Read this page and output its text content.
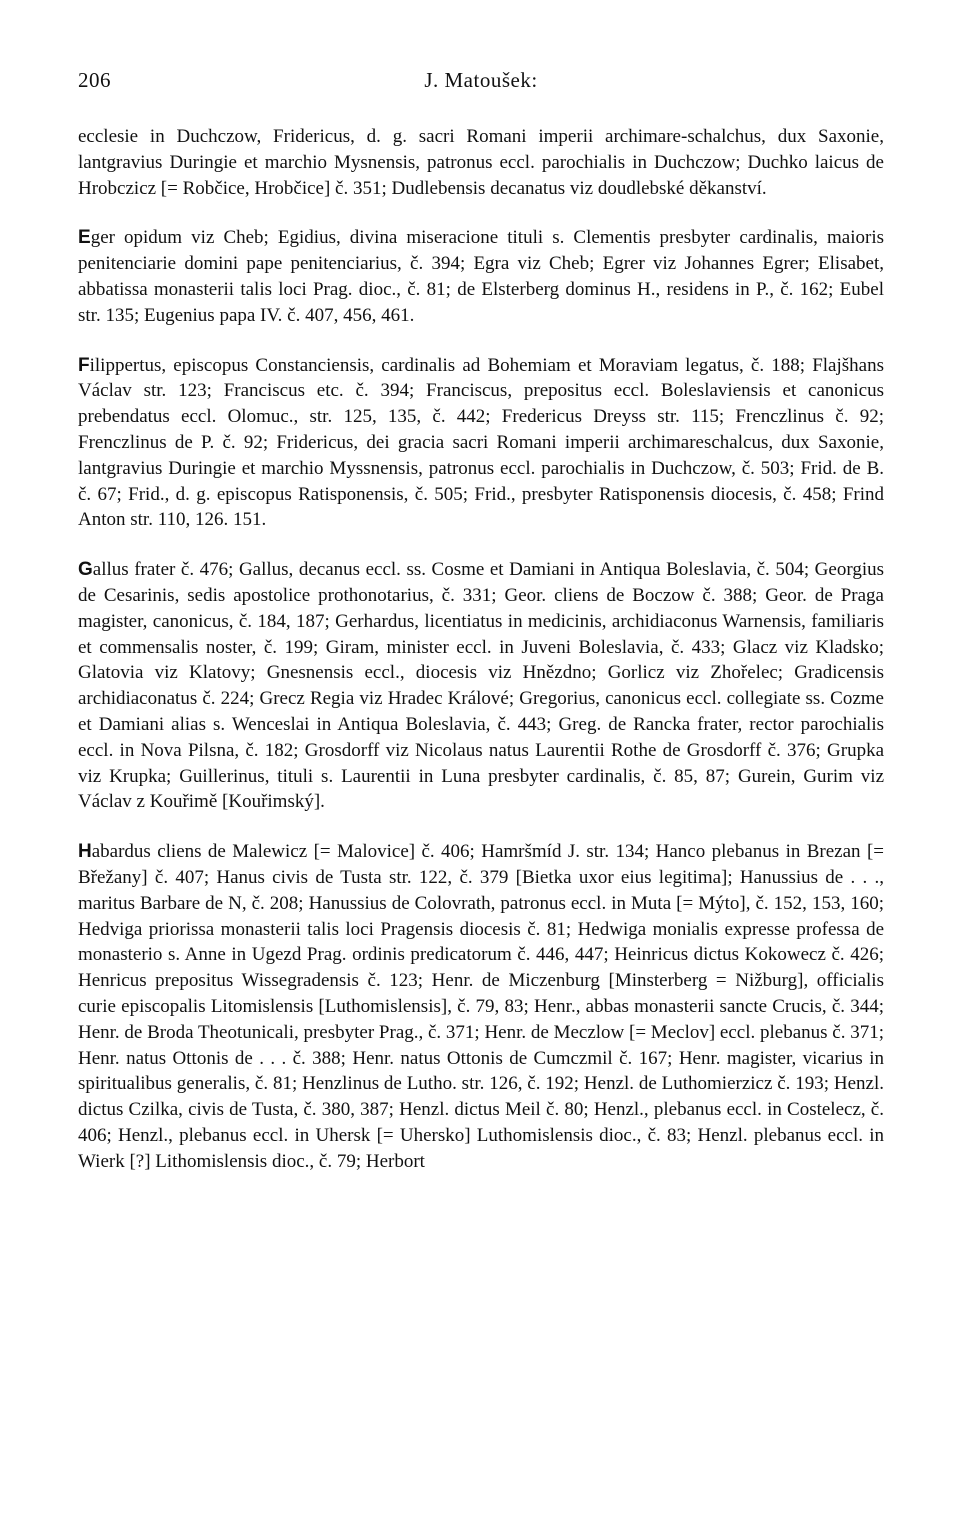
206	J. Matoušek:

ecclesie in Duchczow, Fridericus, d. g. sacri Romani imperii archimare-schalchus, dux Saxonie, lantgravius Duringie et marchio Mysnensis, patronus eccl. parochialis in Duchczow; Duchko laicus de Hrobczicz [= Robčice, Hrobčice] č. 351; Dudlebensis decanatus viz doudlebské děkanství.

Eger opidum viz Cheb; Egidius, divina miseracione tituli s. Clementis presbyter cardinalis, maioris penitenciarie domini pape penitenciarius, č. 394; Egra viz Cheb; Egrer viz Johannes Egrer; Elisabet, abbatissa monasterii talis loci Prag. dioc., č. 81; de Elsterberg dominus H., residens in P., č. 162; Eubel str. 135; Eugenius papa IV. č. 407, 456, 461.

Filippertus, episcopus Constanciensis, cardinalis ad Bohemiam et Moraviam legatus, č. 188; Flajšhans Václav str. 123; Franciscus etc. č. 394; Franciscus, prepositus eccl. Boleslaviensis et canonicus prebendatus eccl. Olomuc., str. 125, 135, č. 442; Fredericus Dreyss str. 115; Frenczlinus č. 92; Frenczlinus de P. č. 92; Fridericus, dei gracia sacri Romani imperii archimareschalcus, dux Saxonie, lantgravius Duringie et marchio Myssnensis, patronus eccl. parochialis in Duchczow, č. 503; Frid. de B. č. 67; Frid., d. g. episcopus Ratisponensis, č. 505; Frid., presbyter Ratisponensis diocesis, č. 458; Frind Anton str. 110, 126. 151.

Gallus frater č. 476; Gallus, decanus eccl. ss. Cosme et Damiani in Antiqua Boleslavia, č. 504; Georgius de Cesarinis, sedis apostolice prothonotarius, č. 331; Geor. cliens de Boczow č. 388; Geor. de Praga magister, canonicus, č. 184, 187; Gerhardus, licentiatus in medicinis, archidiaconus Warnensis, familiaris et commensalis noster, č. 199; Giram, minister eccl. in Juveni Boleslavia, č. 433; Glacz viz Kladsko; Glatovia viz Klatovy; Gnesnensis eccl., diocesis viz Hnězdno; Gorlicz viz Zhořelec; Gradicensis archidiaconatus č. 224; Grecz Regia viz Hradec Králové; Gregorius, canonicus eccl. collegiate ss. Cozme et Damiani alias s. Wenceslai in Antiqua Boleslavia, č. 443; Greg. de Rancka frater, rector parochialis eccl. in Nova Pilsna, č. 182; Grosdorff viz Nicolaus natus Laurentii Rothe de Grosdorff č. 376; Grupka viz Krupka; Guillerinus, tituli s. Laurentii in Luna presbyter cardinalis, č. 85, 87; Gurein, Gurim viz Václav z Kouřimě [Kouřimský].

Habardus cliens de Malewicz [= Malovice] č. 406; Hamršmíd J. str. 134; Hanco plebanus in Brezan [= Břežany] č. 407; Hanus civis de Tusta str. 122, č. 379 [Bietka uxor eius legitima]; Hanussius de . . ., maritus Barbare de N, č. 208; Hanussius de Colovrath, patronus eccl. in Muta [= Mýto], č. 152, 153, 160; Hedviga priorissa monasterii talis loci Pragensis diocesis č. 81; Hedwiga monialis expresse professa de monasterio s. Anne in Ugezd Prag. ordinis predicatorum č. 446, 447; Heinricus dictus Kokowecz č. 426; Henricus prepositus Wissegradensis č. 123; Henr. de Miczenburg [Minsterberg = Nižburg], officialis curie episcopalis Litomislensis [Luthomislensis], č. 79, 83; Henr., abbas monasterii sancte Crucis, č. 344; Henr. de Broda Theotunicali, presbyter Prag., č. 371; Henr. de Meczlow [= Meclov] eccl. plebanus č. 371; Henr. natus Ottonis de . . . č. 388; Henr. natus Ottonis de Cumczmil č. 167; Henr. magister, vicarius in spiritualibus generalis, č. 81; Henzlinus de Lutho. str. 126, č. 192; Henzl. de Luthomierzicz č. 193; Henzl. dictus Czilka, civis de Tusta, č. 380, 387; Henzl. dictus Meil č. 80; Henzl., plebanus eccl. in Costelecz, č. 406; Henzl., plebanus eccl. in Uhersk [= Uhersko] Luthomislensis dioc., č. 83; Henzl. plebanus eccl. in Wierk [?] Lithomislensis dioc., č. 79; Herbort
